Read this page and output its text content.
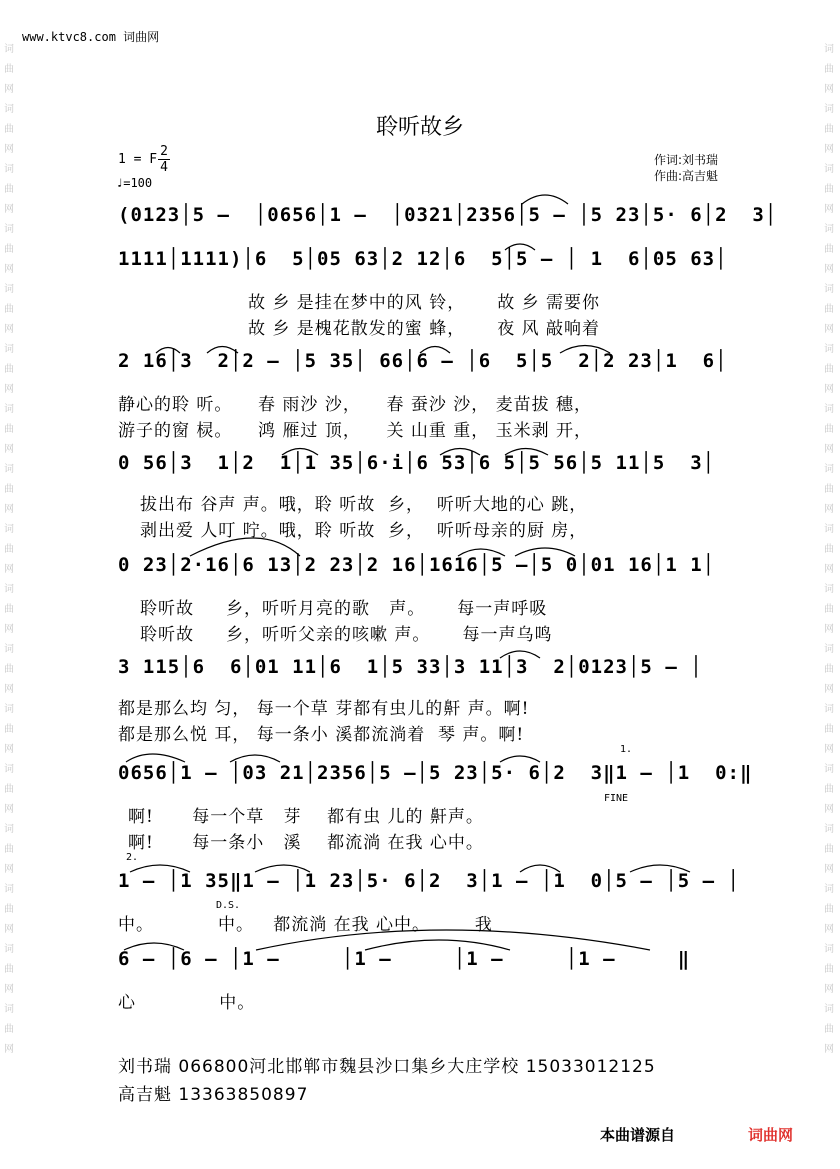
www.ktvc8.com 词曲网
词曲网词曲网词曲网词曲网词曲网词曲网词曲网词曲网词曲网词曲网词曲网词曲网词曲网词曲网词曲网词曲网词曲网
词曲网词曲网词曲网词曲网词曲网词曲网词曲网词曲网词曲网词曲网词曲网词曲网词曲网词曲网词曲网词曲网词曲网
聆听故乡
1 = F
2
4
♩=100
作词:刘书瑞
作曲:高吉魁
(0123│5 –  │0656│1 –  │0321│2356│5 – │5 23│5· 6│2  3│
1111│1111)│6  5│05 63│2 12│6  5│5 – │ 1  6│05 63│
故 乡 是挂在梦中的风 铃，     故 乡 需要你
故 乡 是槐花散发的蜜 蜂，     夜 风 敲响着
2 16│3  2│2 – │5 35│ 66│6 – │6  5│5  2│2 23│1  6│
静心的聆 听。    春 雨沙 沙，    春 蚕沙 沙， 麦苗拔 穗，
游子的窗 棂。    鸿 雁过 顶，    关 山重 重， 玉米剥 开，
0 56│3  1│2  1│1 35│6·i│6 53│6 5│5 56│5 11│5  3│
拔出布 谷声 声。哦，聆 听故  乡，  听听大地的心 跳，
剥出爱 人叮 咛。哦，聆 听故  乡，  听听母亲的厨 房，
0 23│2·16│6 13│2 23│2 16│1616│5 –│5 0│01 16│1 1│
聆听故     乡，听听月亮的歌   声。     每一声呼吸
聆听故     乡，听听父亲的咳嗽 声。     每一声乌鸣
3 115│6  6│01 11│6  1│5 33│3 11│3  2│0123│5 – │
都是那么均 匀， 每一个草 芽都有虫儿的鼾 声。啊!
都是那么悦 耳， 每一条小 溪都流淌着  琴 声。啊!
1.
0656│1 – │03 21│2356│5 –│5 23│5· 6│2  3‖1 – │1  0:‖
FINE
啊!      每一个草   芽    都有虫 儿的 鼾声。
啊!      每一条小   溪    都流淌 在我 心中。
2.
1 – │1 35‖1 – │1 23│5· 6│2  3│1 – │1  0│5 – │5 – │
D.S.
中。          中。   都流淌 在我 心中。       我
6 – │6 – │1 –     │1 –     │1 –     │1 –     ‖
心             中。
刘书瑞 066800河北邯郸市魏县沙口集乡大庄学校 15033012125
高吉魁 13363850897
本曲谱源自	词曲网
